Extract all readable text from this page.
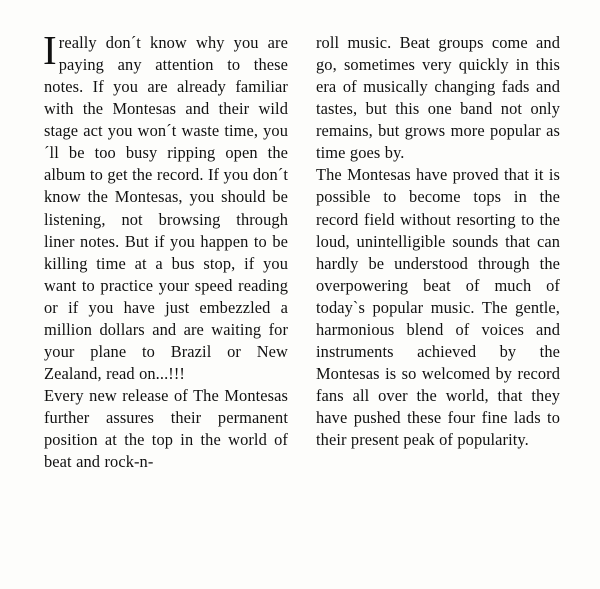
Ireally don´t know why you are paying any attention to these notes. If you are already familiar with the Montesas and their wild stage act you won´t waste time, you´ll be too busy ripping open the album to get the record. If you don´t know the Montesas, you should be listening, not browsing through liner notes. But if you happen to be killing time at a bus stop, if you want to practice your speed reading or if you have just embezzled a million dollars and are waiting for your plane to Brazil or New Zealand, read on...!!!

Every new release of The Montesas further assures their permanent position at the top in the world of beat and rock-n-

roll music. Beat groups come and go, sometimes very quickly in this era of musically changing fads and tastes, but this one band not only remains, but grows more popular as time goes by.

The Montesas have proved that it is possible to become tops in the record field without resorting to the loud, unintelligible sounds that can hardly be understood through the overpowering beat of much of today`s popular music. The gentle, harmonious blend of voices and instruments achieved by the Montesas is so welcomed by record fans all over the world, that they have pushed these four fine lads to their present peak of popularity.
